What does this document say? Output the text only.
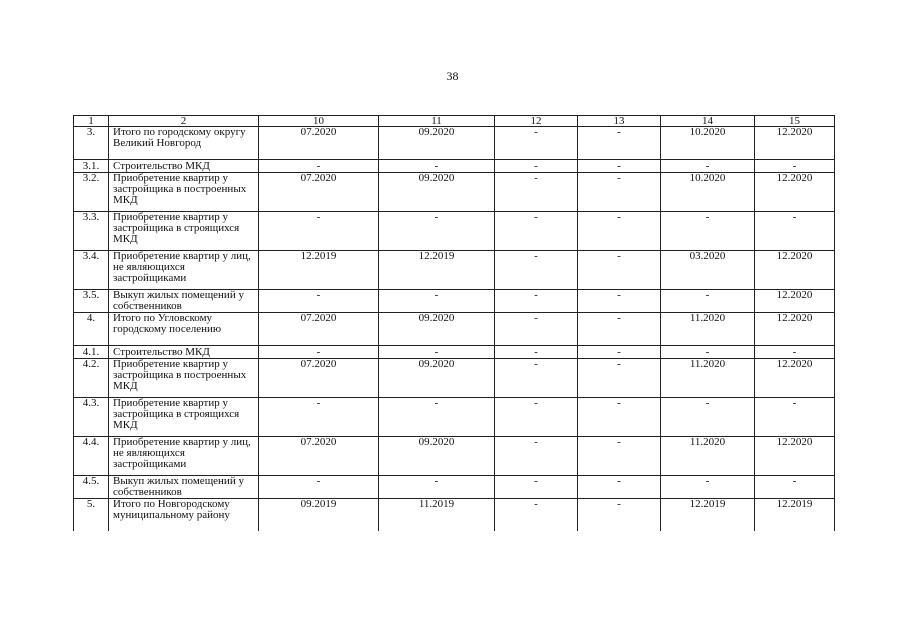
38
1	2	10	11	12	13	14	15
3.	Итого по городскому округу Великий Новгород	07.2020	09.2020	-	-	10.2020	12.2020
3.1.	Строительство МКД	-	-	-	-	-	-
3.2.	Приобретение квартир у застройщика в построенных МКД	07.2020	09.2020	-	-	10.2020	12.2020
3.3.	Приобретение квартир у застройщика в строящихся МКД	-	-	-	-	-	-
3.4.	Приобретение квартир у лиц, не являющихся застройщиками	12.2019	12.2019	-	-	03.2020	12.2020
3.5.	Выкуп жилых помещений у собственников	-	-	-	-	-	12.2020
4.	Итого по Угловскому городскому поселению	07.2020	09.2020	-	-	11.2020	12.2020
4.1.	Строительство МКД	-	-	-	-	-	-
4.2.	Приобретение квартир у застройщика в построенных МКД	07.2020	09.2020	-	-	11.2020	12.2020
4.3.	Приобретение квартир у застройщика в строящихся МКД	-	-	-	-	-	-
4.4.	Приобретение квартир у лиц, не являющихся застройщиками	07.2020	09.2020	-	-	11.2020	12.2020
4.5.	Выкуп жилых помещений у собственников	-	-	-	-	-	-
5.	Итого по Новгородскому муниципальному району	09.2019	11.2019	-	-	12.2019	12.2019
